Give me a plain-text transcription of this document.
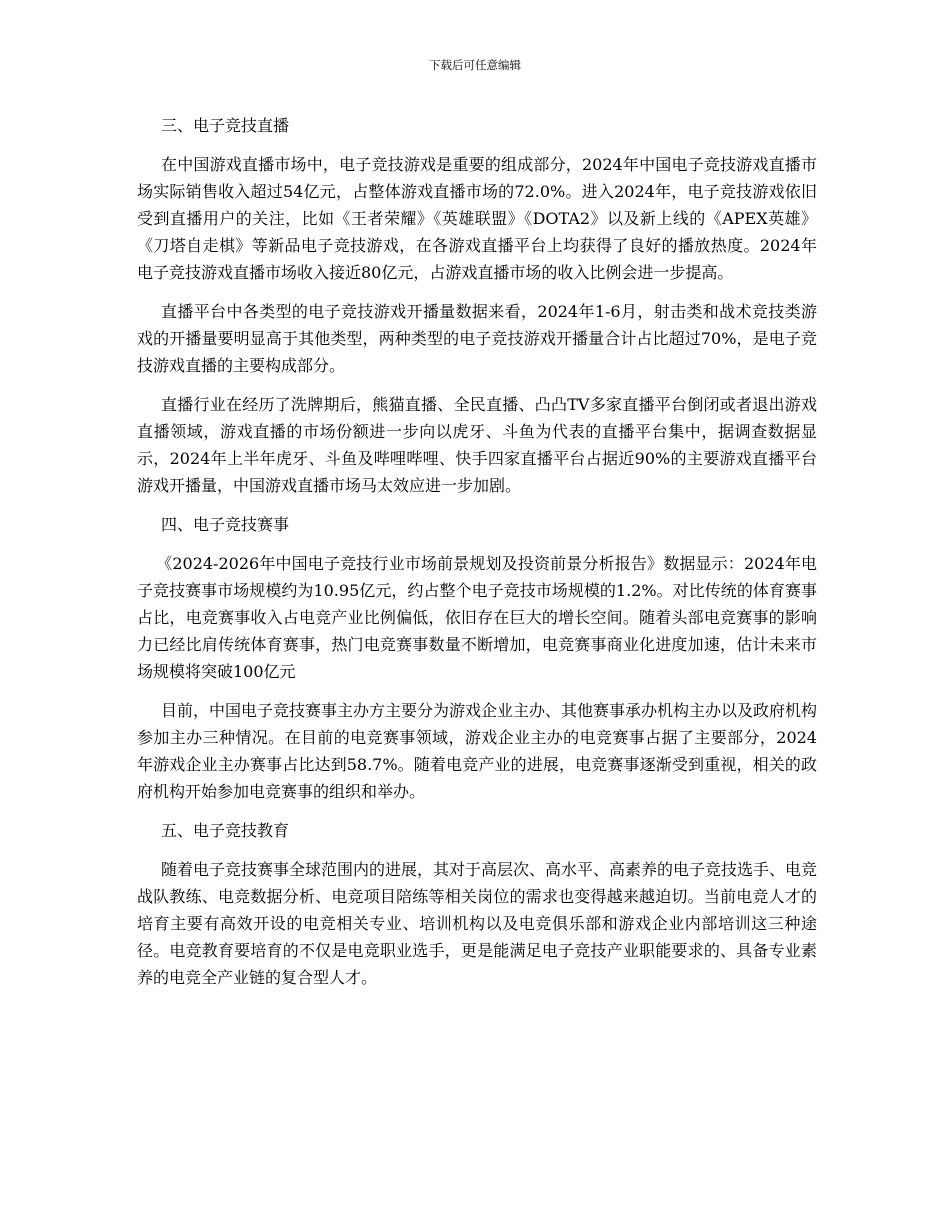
下载后可任意编辑

三、电子竞技直播

在中国游戏直播市场中，电子竞技游戏是重要的组成部分，2024年中国电子竞技游戏直播市场实际销售收入超过54亿元，占整体游戏直播市场的72.0%。进入2024年，电子竞技游戏依旧受到直播用户的关注，比如《王者荣耀》《英雄联盟》《DOTA2》以及新上线的《APEX英雄》《刀塔自走棋》等新品电子竞技游戏，在各游戏直播平台上均获得了良好的播放热度。2024年电子竞技游戏直播市场收入接近80亿元，占游戏直播市场的收入比例会进一步提高。

直播平台中各类型的电子竞技游戏开播量数据来看，2024年1-6月，射击类和战术竞技类游戏的开播量要明显高于其他类型，两种类型的电子竞技游戏开播量合计占比超过70%，是电子竞技游戏直播的主要构成部分。

直播行业在经历了洗牌期后，熊猫直播、全民直播、凸凸TV多家直播平台倒闭或者退出游戏直播领域，游戏直播的市场份额进一步向以虎牙、斗鱼为代表的直播平台集中，据调查数据显示，2024年上半年虎牙、斗鱼及哔哩哔哩、快手四家直播平台占据近90%的主要游戏直播平台游戏开播量，中国游戏直播市场马太效应进一步加剧。

四、电子竞技赛事

《2024-2026年中国电子竞技行业市场前景规划及投资前景分析报告》数据显示：2024年电子竞技赛事市场规模约为10.95亿元，约占整个电子竞技市场规模的1.2%。对比传统的体育赛事占比，电竞赛事收入占电竞产业比例偏低，依旧存在巨大的增长空间。随着头部电竞赛事的影响力已经比肩传统体育赛事，热门电竞赛事数量不断增加，电竞赛事商业化进度加速，估计未来市场规模将突破100亿元

目前，中国电子竞技赛事主办方主要分为游戏企业主办、其他赛事承办机构主办以及政府机构参加主办三种情况。在目前的电竞赛事领域，游戏企业主办的电竞赛事占据了主要部分，2024年游戏企业主办赛事占比达到58.7%。随着电竞产业的进展，电竞赛事逐渐受到重视，相关的政府机构开始参加电竞赛事的组织和举办。

五、电子竞技教育

随着电子竞技赛事全球范围内的进展，其对于高层次、高水平、高素养的电子竞技选手、电竞战队教练、电竞数据分析、电竞项目陪练等相关岗位的需求也变得越来越迫切。当前电竞人才的培育主要有高效开设的电竞相关专业、培训机构以及电竞俱乐部和游戏企业内部培训这三种途径。电竞教育要培育的不仅是电竞职业选手，更是能满足电子竞技产业职能要求的、具备专业素养的电竞全产业链的复合型人才。
